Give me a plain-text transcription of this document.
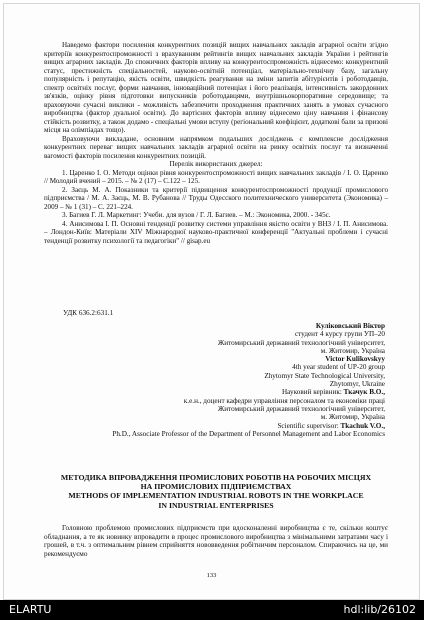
Наведемо фактори посилення конкурентних позицій вищих навчальних закладів аграрної освіти згідно критеріїв конкурентоспроможності з врахуванням рейтингів вищих навчальних закладів України і рейтингів вищих аграрних закладів. До спожичних факторів впливу на конкурентоспроможність віднесемо: конкурентний статус, престижність спеціальностей, науково-освітній потенціал, матеріально-технічну базу, загальну популярність і репутацію, якість освіти, швидкість реагування на зміни запитів абітурієнтів і роботодавців, спектр освітніх послуг, форми навчання, інноваційний потенціал і його реалізація, інтенсивність закордонних зв'язків, оцінку рівня підготовки випускників роботодавцями, внутрішньокорпоративне середовище; та враховуючи сучасні виклики - можливість забезпечити проходження практичних занять в умовах сучасного виробництва (фактор дуальної освіти). До вартісних факторів впливу віднесемо ціну навчання і фінансову стійкість розвитку, а також додамо - спеціальні умови вступу (регіональний коефіцієнт, додаткові бали за призові місця на олімпіадах тощо).

Враховуючи викладане, основним напрямком подальших досліджень є комплексне дослідження конкурентних переваг вищих навчальних закладів аграрної освіти на ринку освітніх послуг та визначенні вагомості факторів посилення конкурентних позицій.

Перелік використаних джерел:

1. Царенко І. О. Методи оцінки рівня конкурентоспроможності вищих навчальних закладів / І. О. Царенко // Молодий вчений – 2015. – № 2 (17) – С.122 – 125.

2. Заєць М. А. Показники та критерії підвищення конкурентоспроможності продукції промислового підприємства / М. А. Заєць, М. В. Рубанова // Труды Одесского политехнического университета (Экономика) – 2009 – № 1 (31) – С. 221–224.

3. Багиев Г. Л. Маркетинг: Учеби. для вузов / Г. Л. Багиев. – М.: Экономика, 2000. - 345с.

4. Анисимова І. П. Основні тенденції розвитку системи управління якістю освіти у ВНЗ / І. П. Анисимова. – Лондон-Київ: Матеріали XIV Міжнародної науково-практичної конференції "Актуальні проблеми і сучасні тенденції розвитку психології та педагогіки" // gisap.eu

УДК 636.2:631.1
Куліковський Віктор
студент 4 курсу групи УП–20
Житомирський державний технологічний університет,
м. Житомир, Україна
Victor Kulikovskyy
4th year student of UP-20 group
Zhytomyr State Technological University,
Zhytomyr, Ukraine
Науковий керівник: Ткачук В.О.,
к.е.н., доцент кафедри управління персоналом та економіки праці
Житомирський державний технологічний університет,
м. Житомир, Україна
Scientific supervisor: Tkachuk V.O.,
Ph.D., Associate Professor of the Department of Personnel Management and Labor Economics
МЕТОДИКА ВПРОВАДЖЕННЯ ПРОМИСЛОВИХ РОБОТІВ НА РОБОЧИХ МІСЦЯХ
НА ПРОМИСЛОВИХ ПІДПРИЄМСТВАХ
METHODS OF IMPLEMENTATION INDUSTRIAL ROBOTS IN THE WORKPLACE
IN INDUSTRIAL ENTERPRISES

Головною проблемою промислових підприємств при вдосконаленні виробництва є те, скільки коштує обладнання, а те як новинку впровадити в процес промислового виробництва з мінімальними затратами часу і грошей, в т.ч. з оптимальним рівнем сприйняття нововведення робітничим персоналом. Спираючись на це, ми рекомендуємо

133
ELARTU	hdl:lib/26102
